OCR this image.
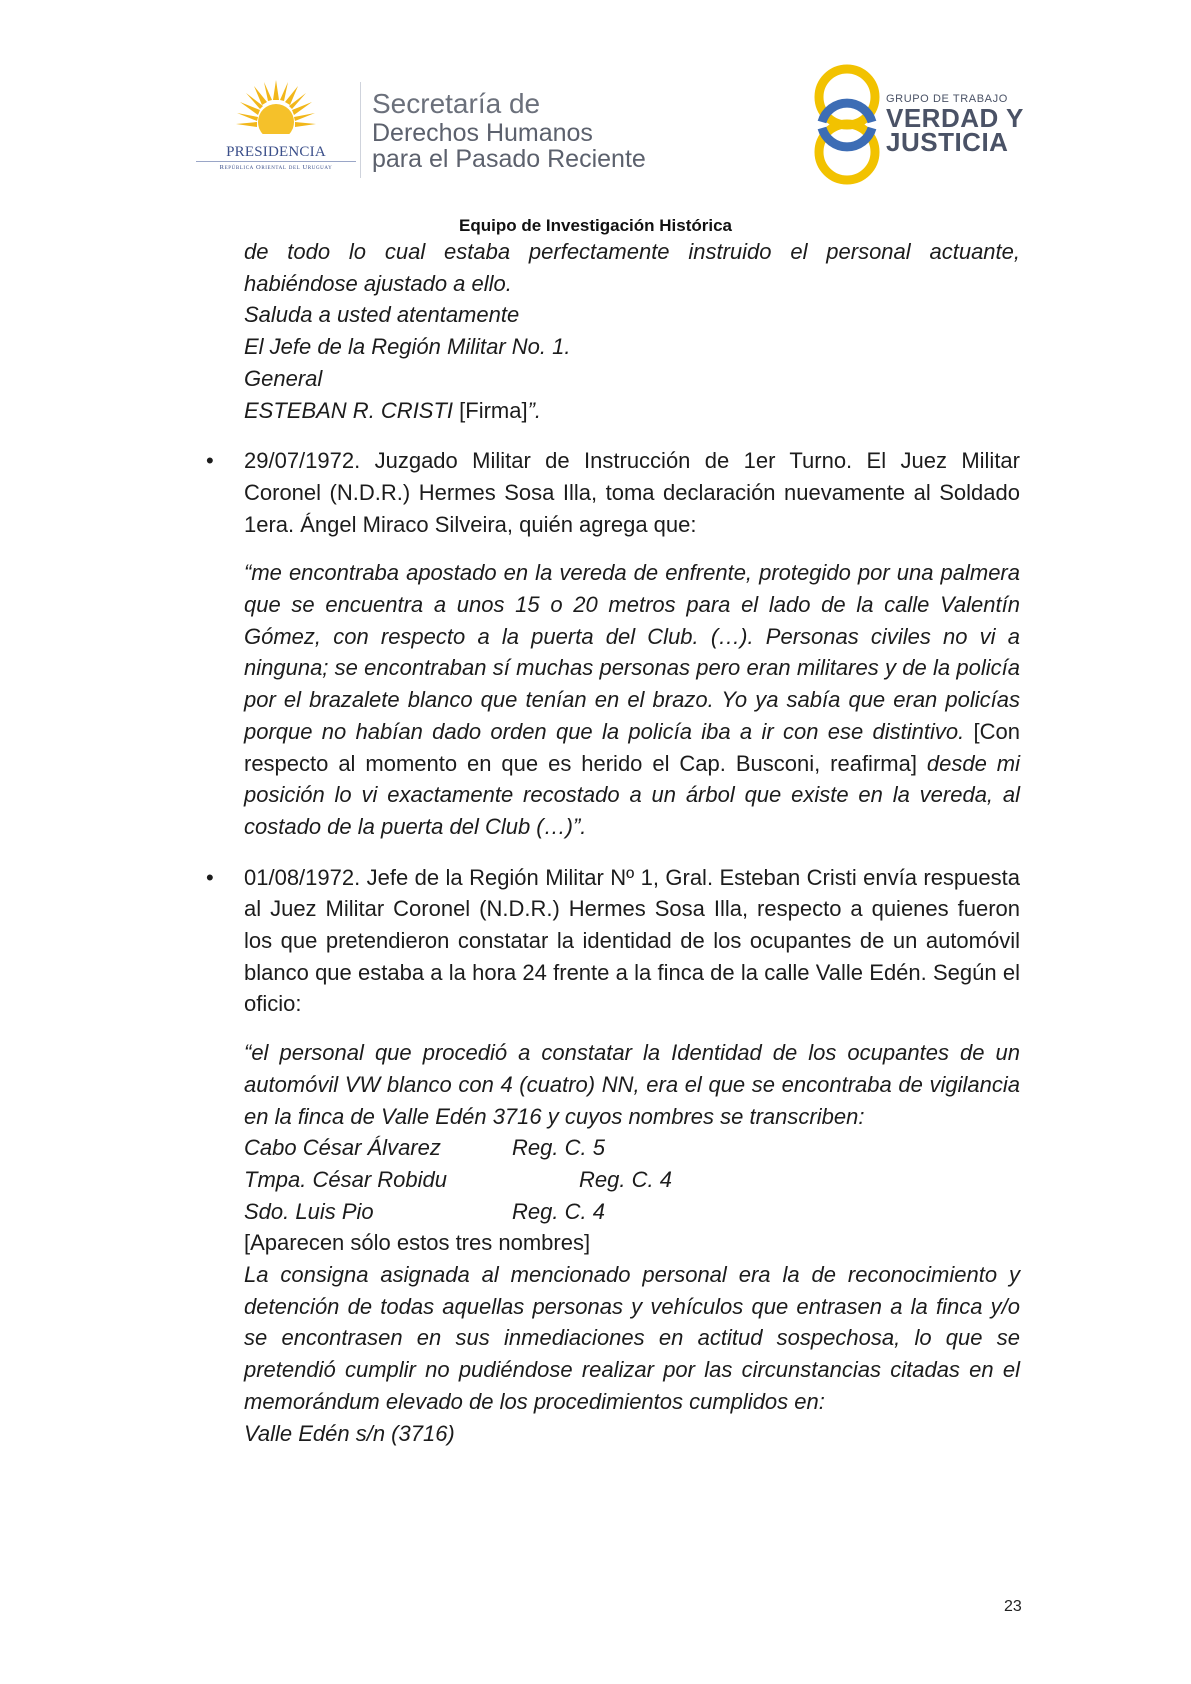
PRESIDENCIA
República Oriental del Uruguay
Secretaría de
Derechos Humanos
para el Pasado Reciente
GRUPO DE TRABAJO
VERDAD Y
JUSTICIA
Equipo de Investigación Histórica

de todo lo cual estaba perfectamente instruido el personal actuante, habiéndose ajustado a ello.

Saluda a usted atentamente
El Jefe de la Región Militar No. 1.
General
ESTEBAN R. CRISTI [Firma]”.
• 29/07/1972. Juzgado Militar de Instrucción de 1er Turno. El Juez Militar Coronel (N.D.R.) Hermes Sosa Illa, toma declaración nuevamente al Soldado 1era. Ángel Miraco Silveira, quién agrega que:

“me encontraba apostado en la vereda de enfrente, protegido por una palmera que se encuentra a unos 15 o 20 metros para el lado de la calle Valentín Gómez, con respecto a la puerta del Club. (…). Personas civiles no vi a ninguna; se encontraban sí muchas personas pero eran militares y de la policía por el brazalete blanco que tenían en el brazo. Yo ya sabía que eran policías porque no habían dado orden que la policía iba a ir con ese distintivo. [Con respecto al momento en que es herido el Cap. Busconi, reafirma] desde mi posición lo vi exactamente recostado a un árbol que existe en la vereda, al costado de la puerta del Club (…)”.

• 01/08/1972. Jefe de la Región Militar Nº 1, Gral. Esteban Cristi envía respuesta al Juez Militar Coronel (N.D.R.) Hermes Sosa Illa, respecto a quienes fueron los que pretendieron constatar la identidad de los ocupantes de un automóvil blanco que estaba a la hora 24 frente a la finca de la calle Valle Edén. Según el oficio:

“el personal que procedió a constatar la Identidad de los ocupantes de un automóvil VW blanco con 4 (cuatro) NN, era el que se encontraba de vigilancia en la finca de Valle Edén 3716 y cuyos nombres se transcriben:

Cabo César Álvarez	Reg. C. 5
Tmpa. César Robidu	Reg. C. 4
Sdo. Luis Pio	Reg. C. 4
[Aparecen sólo estos tres nombres]

La consigna asignada al mencionado personal era la de reconocimiento y detención de todas aquellas personas y vehículos que entrasen a la finca y/o se encontrasen en sus inmediaciones en actitud sospechosa, lo que se pretendió cumplir no pudiéndose realizar por las circunstancias citadas en el memorándum elevado de los procedimientos cumplidos en:

Valle Edén s/n (3716)
23
